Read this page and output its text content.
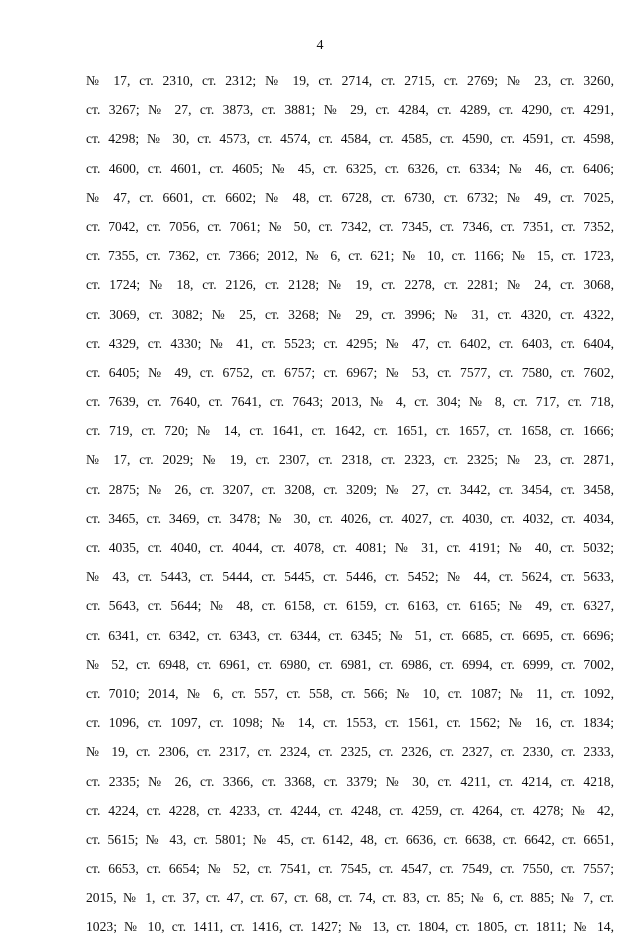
4
№ 17, ст. 2310, ст. 2312; № 19, ст. 2714, ст. 2715, ст. 2769; № 23, ст. 3260,
ст. 3267; № 27, ст. 3873, ст. 3881; № 29, ст. 4284, ст. 4289, ст. 4290, ст. 4291,
ст. 4298; № 30, ст. 4573, ст. 4574, ст. 4584, ст. 4585, ст. 4590, ст. 4591, ст. 4598,
ст. 4600, ст. 4601, ст. 4605; № 45, ст. 6325, ст. 6326, ст. 6334; № 46, ст. 6406;
№ 47, ст. 6601, ст. 6602; № 48, ст. 6728, ст. 6730, ст. 6732; № 49, ст. 7025,
ст. 7042, ст. 7056, ст. 7061; № 50, ст. 7342, ст. 7345, ст. 7346, ст. 7351, ст. 7352,
ст. 7355, ст. 7362, ст. 7366; 2012, № 6, ст. 621; № 10, ст. 1166; № 15, ст. 1723,
ст. 1724; № 18, ст. 2126, ст. 2128; № 19, ст. 2278, ст. 2281; № 24, ст. 3068,
ст. 3069, ст. 3082; № 25, ст. 3268; № 29, ст. 3996; № 31, ст. 4320, ст. 4322,
ст. 4329, ст. 4330; № 41, ст. 5523; ст. 4295; № 47, ст. 6402, ст. 6403, ст. 6404,
ст. 6405; № 49, ст. 6752, ст. 6757; ст. 6967; № 53, ст. 7577, ст. 7580, ст. 7602,
ст. 7639, ст. 7640, ст. 7641, ст. 7643; 2013, № 4, ст. 304; № 8, ст. 717, ст. 718,
ст. 719, ст. 720; № 14, ст. 1641, ст. 1642, ст. 1651, ст. 1657, ст. 1658, ст. 1666;
№ 17, ст. 2029; № 19, ст. 2307, ст. 2318, ст. 2323, ст. 2325; № 23, ст. 2871,
ст. 2875; № 26, ст. 3207, ст. 3208, ст. 3209; № 27, ст. 3442, ст. 3454, ст. 3458,
ст. 3465, ст. 3469, ст. 3478; № 30, ст. 4026, ст. 4027, ст. 4030, ст. 4032, ст. 4034,
ст. 4035, ст. 4040, ст. 4044, ст. 4078, ст. 4081; № 31, ст. 4191; № 40, ст. 5032;
№ 43, ст. 5443, ст. 5444, ст. 5445, ст. 5446, ст. 5452; № 44, ст. 5624, ст. 5633,
ст. 5643, ст. 5644; № 48, ст. 6158, ст. 6159, ст. 6163, ст. 6165; № 49, ст. 6327,
ст. 6341, ст. 6342, ст. 6343, ст. 6344, ст. 6345; № 51, ст. 6685, ст. 6695, ст. 6696;
№ 52, ст. 6948, ст. 6961, ст. 6980, ст. 6981, ст. 6986, ст. 6994, ст. 6999, ст. 7002,
ст. 7010; 2014, № 6, ст. 557, ст. 558, ст. 566; № 10, ст. 1087; № 11, ст. 1092,
ст. 1096, ст. 1097, ст. 1098; № 14, ст. 1553, ст. 1561, ст. 1562; № 16, ст. 1834;
№ 19, ст. 2306, ст. 2317, ст. 2324, ст. 2325, ст. 2326, ст. 2327, ст. 2330, ст. 2333,
ст. 2335; № 26, ст. 3366, ст. 3368, ст. 3379; № 30, ст. 4211, ст. 4214, ст. 4218,
ст. 4224, ст. 4228, ст. 4233, ст. 4244, ст. 4248, ст. 4259, ст. 4264, ст. 4278; № 42,
ст. 5615; № 43, ст. 5801; № 45, ст. 6142, 48, ст. 6636, ст. 6638, ст. 6642, ст. 6651,
ст. 6653, ст. 6654; № 52, ст. 7541, ст. 7545, ст. 4547, ст. 7549, ст. 7550, ст. 7557;
2015, № 1, ст. 37, ст. 47, ст. 67, ст. 68, ст. 74, ст. 83, ст. 85; № 6, ст. 885; № 7, ст.
1023; № 10, ст. 1411, ст. 1416, ст. 1427; № 13, ст. 1804, ст. 1805, ст. 1811; № 14,
